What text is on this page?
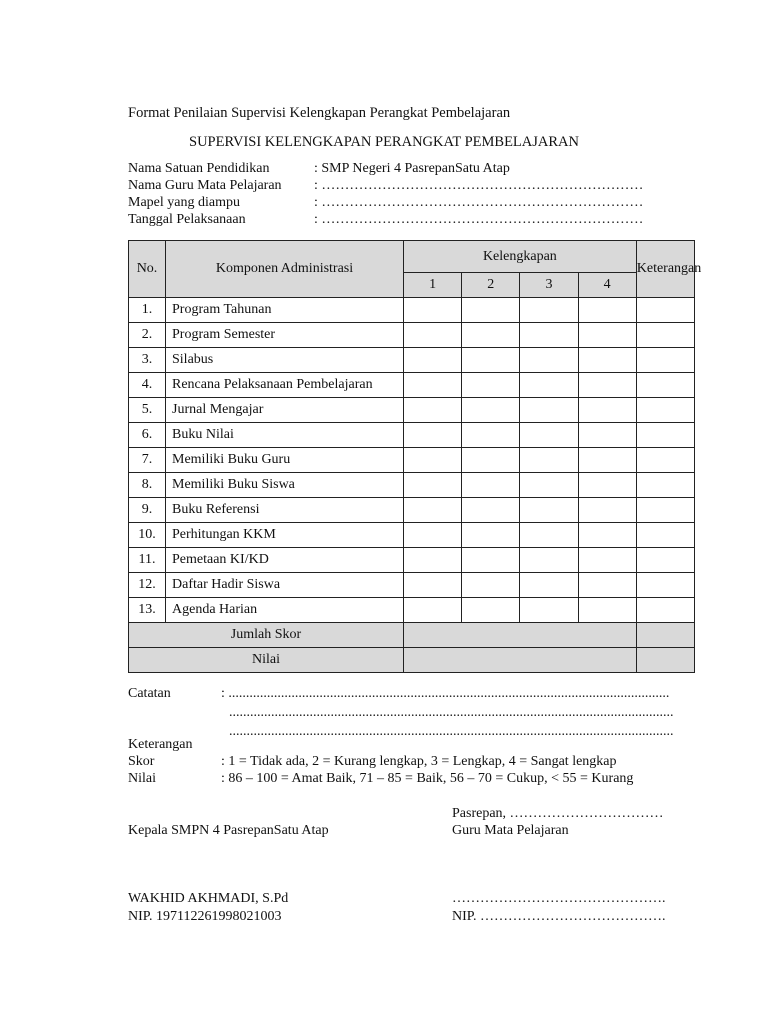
Format Penilaian Supervisi Kelengkapan Perangkat Pembelajaran
SUPERVISI KELENGKAPAN PERANGKAT PEMBELAJARAN
Nama Satuan Pendidikan	: SMP Negeri 4 PasrepanSatu Atap
Nama Guru Mata Pelajaran : ……………………………………………………………
Mapel yang diampu	: ……………………………………………………………
Tanggal Pelaksanaan	: ……………………………………………………………
No.	Komponen Administrasi	Kelengkapan				Keterangan
		1	2	3	4	
1.	Program Tahunan					
2.	Program Semester					
3.	Silabus					
4.	Rencana Pelaksanaan Pembelajaran					
5.	Jurnal Mengajar					
6.	Buku Nilai					
7.	Memiliki Buku Guru					
8.	Memiliki Buku Siswa					
9.	Buku Referensi					
10.	Perhitungan KKM					
11.	Pemetaan KI/KD					
12.	Daftar Hadir Siswa					
13.	Agenda Harian					
Jumlah Skor						
Nilai						
Catatan	: ..............................................................................................................................
...............................................................................................................................
...............................................................................................................................
Keterangan
Skor	: 1 = Tidak ada, 2 = Kurang lengkap, 3 = Lengkap, 4 = Sangat lengkap
Nilai	: 86 – 100 = Amat Baik, 71 – 85 = Baik, 56 – 70 = Cukup, < 55 = Kurang
Pasrepan, ……………………………
Kepala SMPN 4 PasrepanSatu Atap	Guru Mata Pelajaran
WAKHID AKHMADI, S.Pd
NIP. 197112261998021003
……………………………………….
NIP. ………………………………….
